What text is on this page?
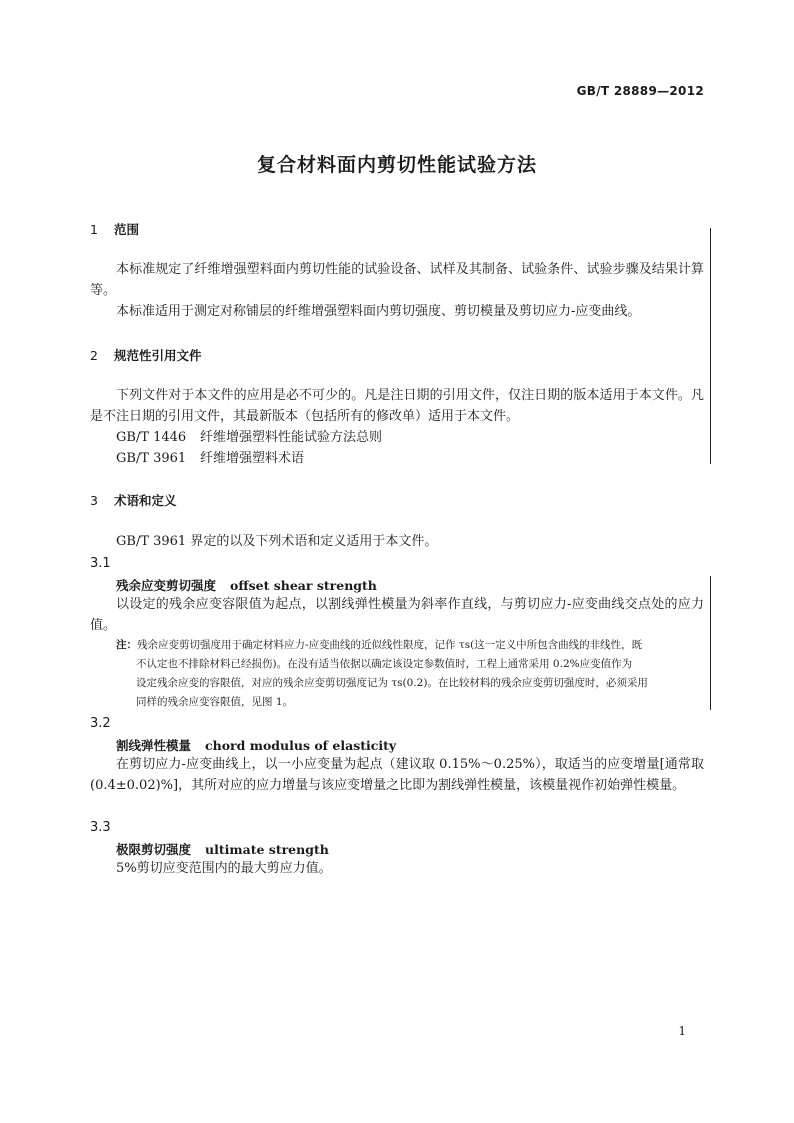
GB/T 28889—2012
复合材料面内剪切性能试验方法
1 范围

本标准规定了纤维增强塑料面内剪切性能的试验设备、试样及其制备、试验条件、试验步骤及结果计算等。

本标准适用于测定对称铺层的纤维增强塑料面内剪切强度、剪切模量及剪切应力-应变曲线。

2 规范性引用文件

下列文件对于本文件的应用是必不可少的。凡是注日期的引用文件，仅注日期的版本适用于本文件。凡是不注日期的引用文件，其最新版本（包括所有的修改单）适用于本文件。

GB/T 1446 纤维增强塑料性能试验方法总则
GB/T 3961 纤维增强塑料术语
3 术语和定义

GB/T 3961 界定的以及下列术语和定义适用于本文件。

3.1
残余应变剪切强度 offset shear strength

以设定的残余应变容限值为起点，以割线弹性模量为斜率作直线，与剪切应力-应变曲线交点处的应力值。

注：残余应变剪切强度用于确定材料应力-应变曲线的近似线性限度，记作 τs(这一定义中所包含曲线的非线性，既
不认定也不排除材料已经损伤)。在没有适当依据以确定该设定参数值时，工程上通常采用 0.2%应变值作为
设定残余应变的容限值，对应的残余应变剪切强度记为 τs(0.2)。在比较材料的残余应变剪切强度时，必须采用
同样的残余应变容限值，见图 1。
3.2
割线弹性模量 chord modulus of elasticity

在剪切应力-应变曲线上，以一小应变量为起点（建议取 0.15%～0.25%），取适当的应变增量[通常取(0.4±0.02)%]，其所对应的应力增量与该应变增量之比即为割线弹性模量，该模量视作初始弹性模量。

3.3
极限剪切强度 ultimate strength

5%剪切应变范围内的最大剪应力值。

1
